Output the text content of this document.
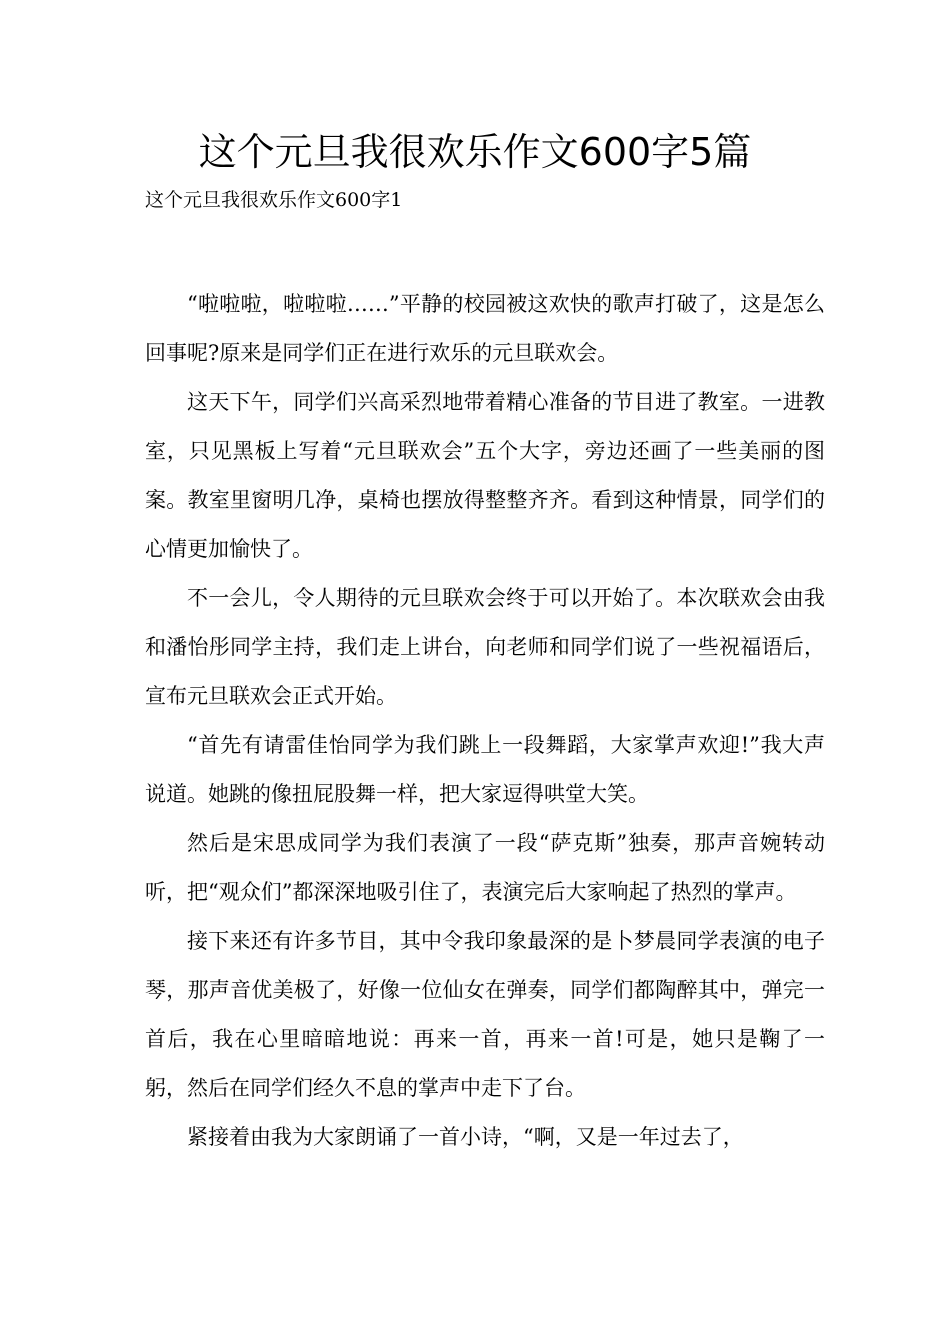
这个元旦我很欢乐作文600字5篇

这个元旦我很欢乐作文600字1

“啦啦啦，啦啦啦……”平静的校园被这欢快的歌声打破了，这是怎么回事呢?原来是同学们正在进行欢乐的元旦联欢会。

这天下午，同学们兴高采烈地带着精心准备的节目进了教室。一进教室，只见黑板上写着“元旦联欢会”五个大字，旁边还画了一些美丽的图案。教室里窗明几净，桌椅也摆放得整整齐齐。看到这种情景，同学们的心情更加愉快了。

不一会儿，令人期待的元旦联欢会终于可以开始了。本次联欢会由我和潘怡彤同学主持，我们走上讲台，向老师和同学们说了一些祝福语后，宣布元旦联欢会正式开始。

“首先有请雷佳怡同学为我们跳上一段舞蹈，大家掌声欢迎!”我大声说道。她跳的像扭屁股舞一样，把大家逗得哄堂大笑。

然后是宋思成同学为我们表演了一段“萨克斯”独奏，那声音婉转动听，把“观众们”都深深地吸引住了，表演完后大家响起了热烈的掌声。

接下来还有许多节目，其中令我印象最深的是卜梦晨同学表演的电子琴，那声音优美极了，好像一位仙女在弹奏，同学们都陶醉其中，弹完一首后，我在心里暗暗地说：再来一首，再来一首!可是，她只是鞠了一躬，然后在同学们经久不息的掌声中走下了台。

紧接着由我为大家朗诵了一首小诗，“啊，又是一年过去了，
